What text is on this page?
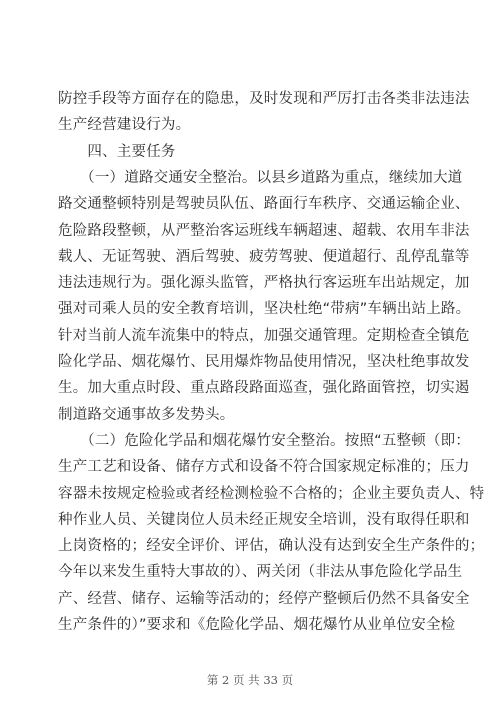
防控手段等方面存在的隐患，及时发现和严厉打击各类非法违法
生产经营建设行为。
　　四、主要任务
　　（一）道路交通安全整治。以县乡道路为重点，继续加大道
路交通整顿特别是驾驶员队伍、路面行车秩序、交通运输企业、
危险路段整顿，从严整治客运班线车辆超速、超载、农用车非法
载人、无证驾驶、酒后驾驶、疲劳驾驶、便道超行、乱停乱靠等
违法违规行为。强化源头监管，严格执行客运班车出站规定，加
强对司乘人员的安全教育培训，坚决杜绝“带病”车辆出站上路。
针对当前人流车流集中的特点，加强交通管理。定期检查全镇危
险化学品、烟花爆竹、民用爆炸物品使用情况，坚决杜绝事故发
生。加大重点时段、重点路段路面巡查，强化路面管控，切实遏
制道路交通事故多发势头。
　　（二）危险化学品和烟花爆竹安全整治。按照“五整顿（即：
生产工艺和设备、储存方式和设备不符合国家规定标准的；压力
容器未按规定检验或者经检测检验不合格的；企业主要负责人、特
种作业人员、关键岗位人员未经正规安全培训，没有取得任职和
上岗资格的；经安全评价、评估，确认没有达到安全生产条件的；
今年以来发生重特大事故的）、两关闭（非法从事危险化学品生
产、经营、储存、运输等活动的；经停产整顿后仍然不具备安全
生产条件的）”要求和《危险化学品、烟花爆竹从业单位安全检
第 2 页 共 33 页
